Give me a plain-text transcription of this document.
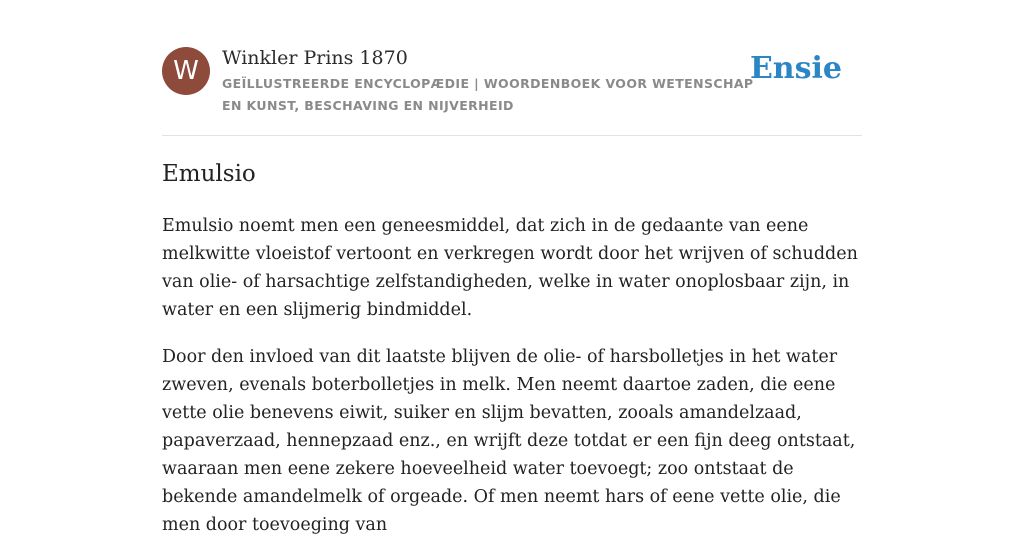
W	Winkler Prins 1870
GEÏLLUSTREERDE ENCYCLOPÆDIE | WOORDENBOEK VOOR WETENSCHAP EN KUNST, BESCHAVING EN NIJVERHEID
Ensie
Emulsio

Emulsio noemt men een geneesmiddel, dat zich in de gedaante van eene melkwitte vloeistof vertoont en verkregen wordt door het wrijven of schudden van olie- of harsachtige zelfstandigheden, welke in water onoplosbaar zijn, in water en een slijmerig bindmiddel.

Door den invloed van dit laatste blijven de olie- of harsbolletjes in het water zweven, evenals boterbolletjes in melk. Men neemt daartoe zaden, die eene vette olie benevens eiwit, suiker en slijm bevatten, zooals amandelzaad, papaverzaad, hennepzaad enz., en wrijft deze totdat er een fijn deeg ontstaat, waaraan men eene zekere hoeveelheid water toevoegt; zoo ontstaat de bekende amandelmelk of orgeade. Of men neemt hars of eene vette olie, die men door toevoeging van
